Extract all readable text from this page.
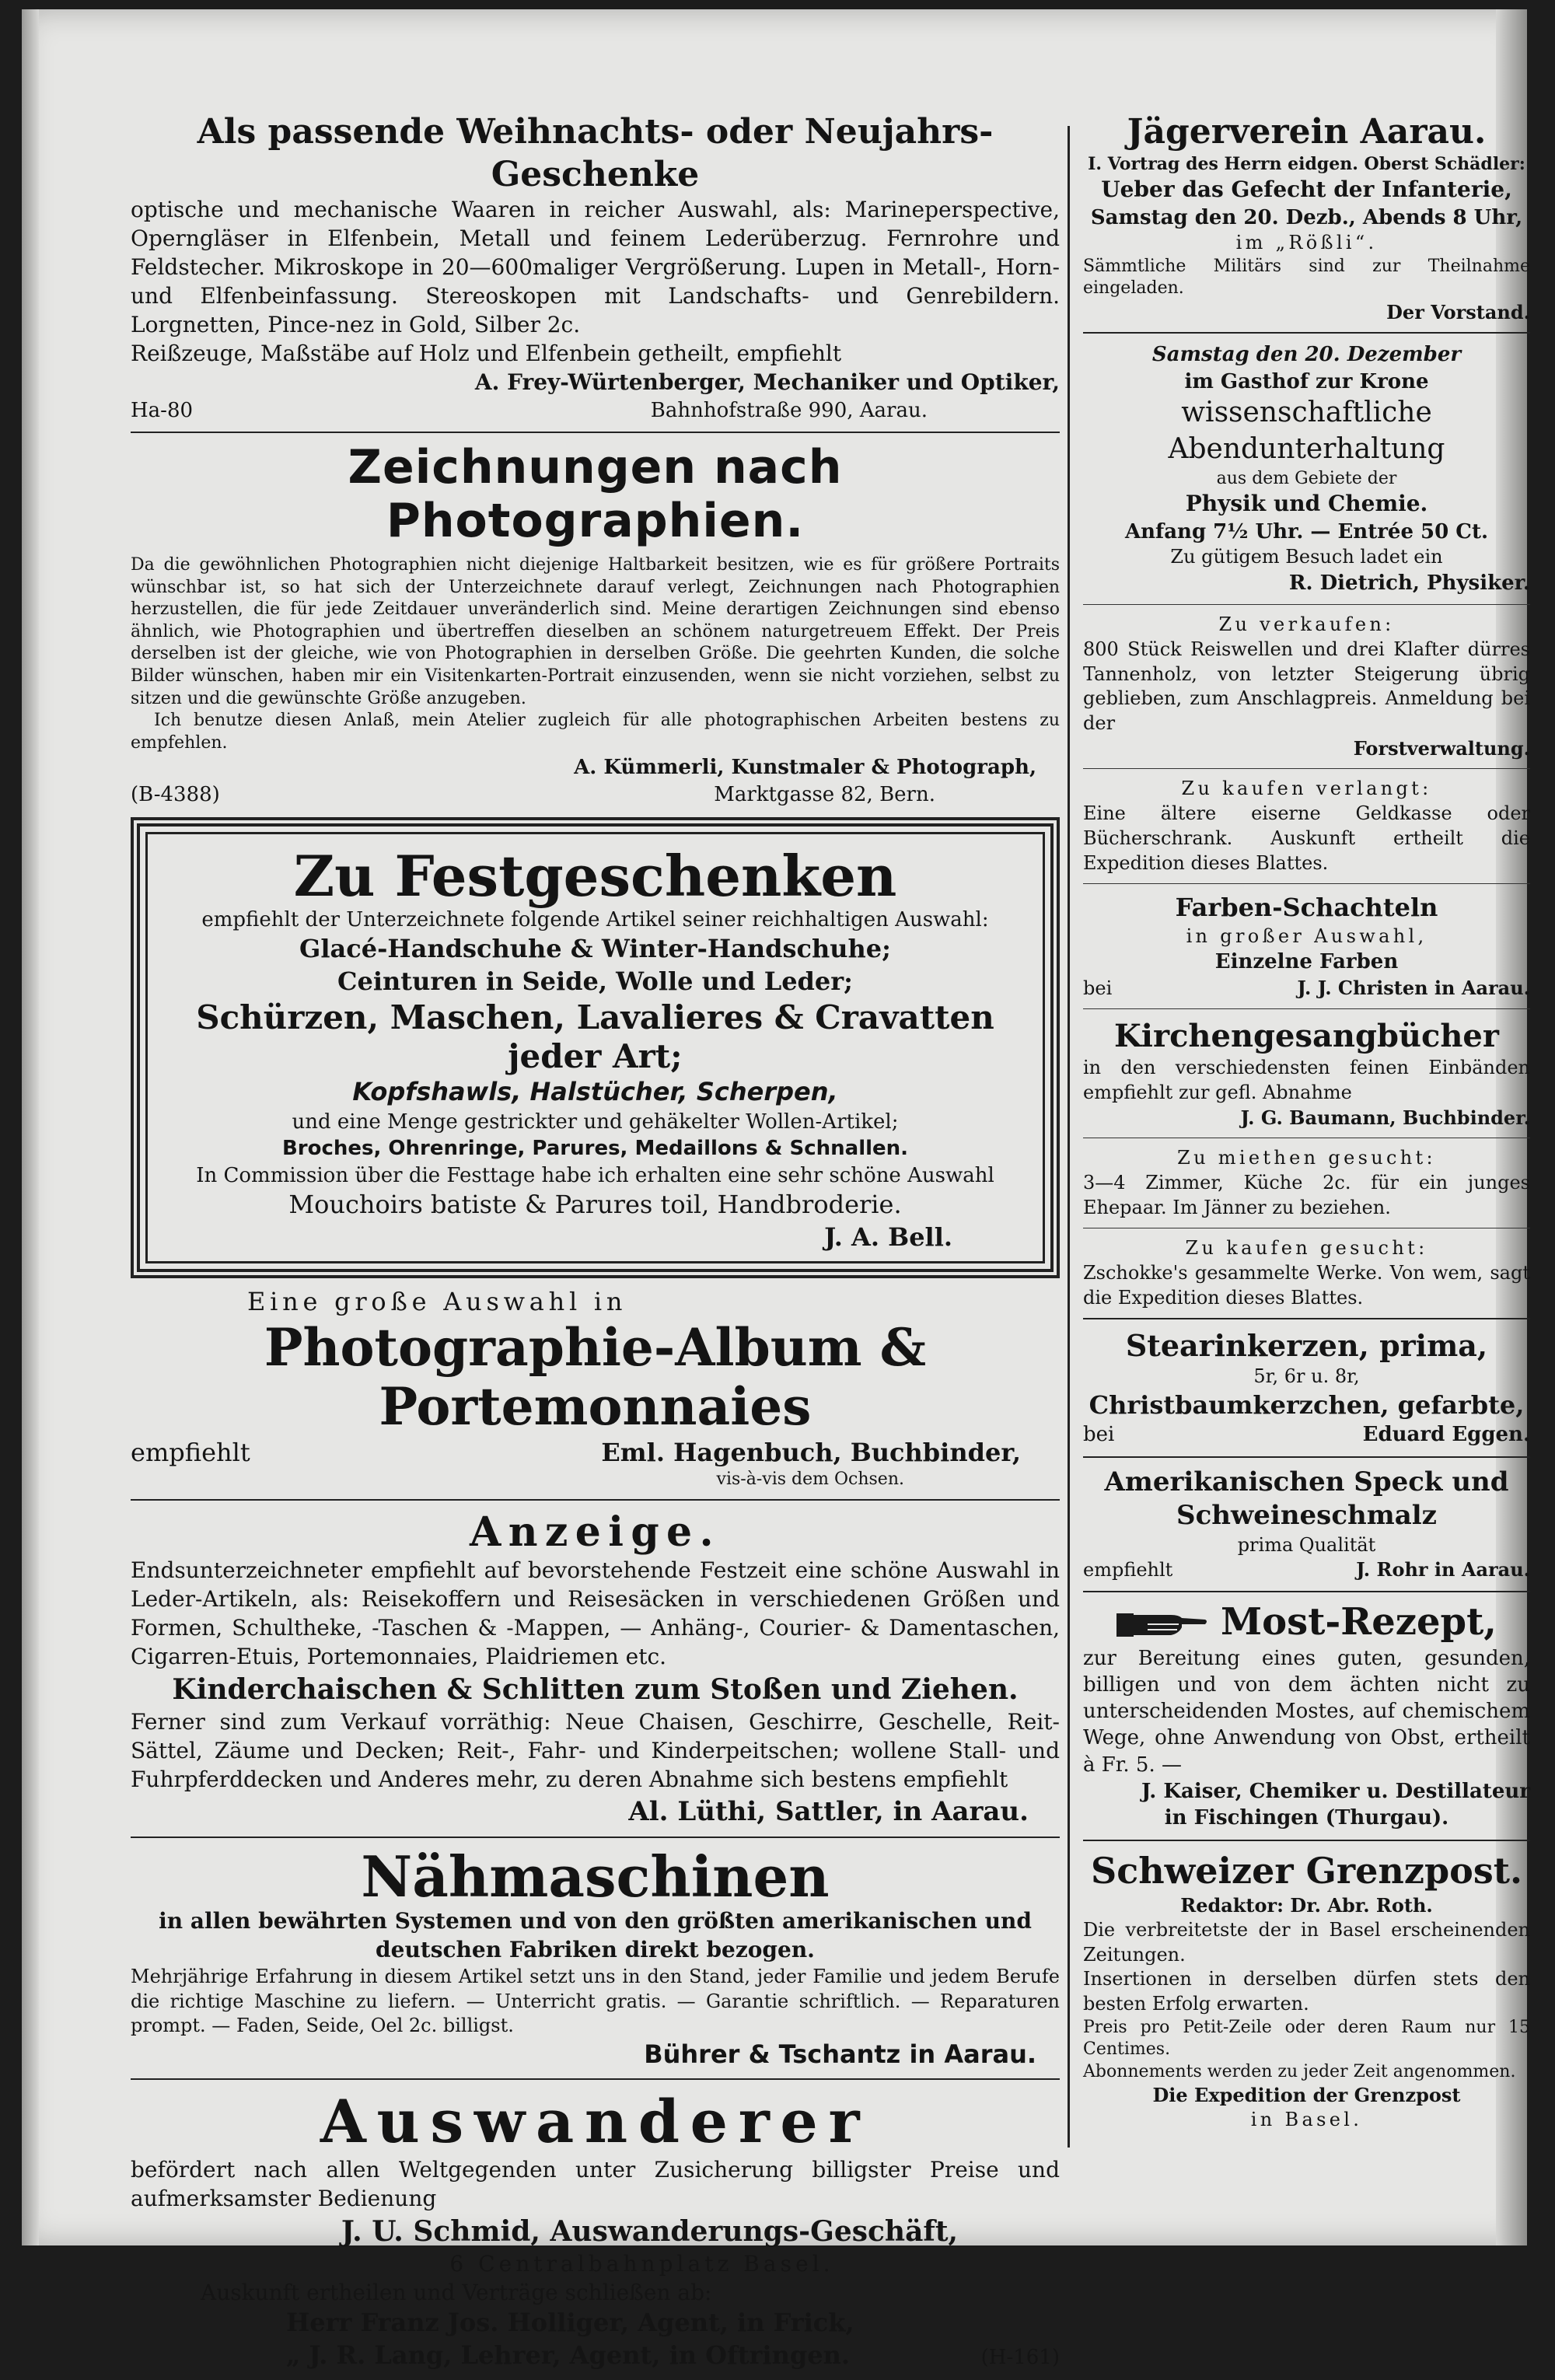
Als passende Weihnachts- oder Neujahrs-Geschenke

optische und mechanische Waaren in reicher Auswahl, als: Marineperspective, Operngläser in Elfenbein, Metall und feinem Lederüberzug. Fernrohre und Feldstecher. Mikroskope in 20—600maliger Vergrößerung. Lupen in Metall-, Horn- und Elfenbeinfassung. Stereoskopen mit Landschafts- und Genrebildern. Lorgnetten, Pince-nez in Gold, Silber 2c.

Reißzeuge, Maßstäbe auf Holz und Elfenbein getheilt, empfiehlt

A. Frey-Würtenberger, Mechaniker und Optiker,

Ha-80	Bahnhofstraße 990, Aarau.

Zeichnungen nach Photographien.

Da die gewöhnlichen Photographien nicht diejenige Haltbarkeit besitzen, wie es für größere Portraits wünschbar ist, so hat sich der Unterzeichnete darauf verlegt, Zeichnungen nach Photographien herzustellen, die für jede Zeitdauer unveränderlich sind. Meine derartigen Zeichnungen sind ebenso ähnlich, wie Photographien und übertreffen dieselben an schönem naturgetreuem Effekt. Der Preis derselben ist der gleiche, wie von Photographien in derselben Größe. Die geehrten Kunden, die solche Bilder wünschen, haben mir ein Visitenkarten-Portrait einzusenden, wenn sie nicht vorziehen, selbst zu sitzen und die gewünschte Größe anzugeben.

Ich benutze diesen Anlaß, mein Atelier zugleich für alle photographischen Arbeiten bestens zu empfehlen.

A. Kümmerli, Kunstmaler & Photograph,

(B-4388)	Marktgasse 82, Bern.

Zu Festgeschenken

empfiehlt der Unterzeichnete folgende Artikel seiner reichhaltigen Auswahl:

Glacé-Handschuhe & Winter-Handschuhe;

Ceinturen in Seide, Wolle und Leder;

Schürzen, Maschen, Lavalieres & Cravatten jeder Art;

Kopfshawls, Halstücher, Scherpen,

und eine Menge gestrickter und gehäkelter Wollen-Artikel;

Broches, Ohrenringe, Parures, Medaillons & Schnallen.

In Commission über die Festtage habe ich erhalten eine sehr schöne Auswahl

Mouchoirs batiste & Parures toil, Handbroderie.

J. A. Bell.

Eine große Auswahl in

Photographie-Album & Portemonnaies

empfiehlt	Eml. Hagenbuch, Buchbinder,

vis-à-vis dem Ochsen.

Anzeige.

Endsunterzeichneter empfiehlt auf bevorstehende Festzeit eine schöne Auswahl in Leder-Artikeln, als: Reisekoffern und Reisesäcken in verschiedenen Größen und Formen, Schultheke, -Taschen & -Mappen, — Anhäng-, Courier- & Damentaschen, Cigarren-Etuis, Portemonnaies, Plaidriemen etc.

Kinderchaischen & Schlitten zum Stoßen und Ziehen.

Ferner sind zum Verkauf vorräthig: Neue Chaisen, Geschirre, Geschelle, Reit-Sättel, Zäume und Decken; Reit-, Fahr- und Kinderpeitschen; wollene Stall- und Fuhrpferddecken und Anderes mehr, zu deren Abnahme sich bestens empfiehlt

Al. Lüthi, Sattler, in Aarau.

Nähmaschinen

in allen bewährten Systemen und von den größten amerikanischen und deutschen Fabriken direkt bezogen.

Mehrjährige Erfahrung in diesem Artikel setzt uns in den Stand, jeder Familie und jedem Berufe die richtige Maschine zu liefern. — Unterricht gratis. — Garantie schriftlich. — Reparaturen prompt. — Faden, Seide, Oel 2c. billigst.

Bührer & Tschantz in Aarau.

Auswanderer

befördert nach allen Weltgegenden unter Zusicherung billigster Preise und aufmerksamster Bedienung

J. U. Schmid, Auswanderungs-Geschäft,

6 Centralbahnplatz Basel.

Auskunft ertheilen und Verträge schließen ab:

Herr Franz Jos. Holliger, Agent, in Frick,

„ J. R. Lang, Lehrer, Agent, in Oftringen.	(H-161)

Jägerverein Aarau.

I. Vortrag des Herrn eidgen. Oberst Schädler:

Ueber das Gefecht der Infanterie,

Samstag den 20. Dezb., Abends 8 Uhr,

im „Rößli“.

Sämmtliche Militärs sind zur Theilnahme eingeladen.

Der Vorstand.

Samstag den 20. Dezember

im Gasthof zur Krone

wissenschaftliche Abendunterhaltung

aus dem Gebiete der

Physik und Chemie.

Anfang 7½ Uhr. — Entrée 50 Ct.

Zu gütigem Besuch ladet ein

R. Dietrich, Physiker.

Zu verkaufen:

800 Stück Reiswellen und drei Klafter dürres Tannenholz, von letzter Steigerung übrig geblieben, zum Anschlagpreis. Anmeldung bei der

Forstverwaltung.

Zu kaufen verlangt:

Eine ältere eiserne Geldkasse oder Bücherschrank. Auskunft ertheilt die Expedition dieses Blattes.

Farben-Schachteln

in großer Auswahl,

Einzelne Farben

bei	J. J. Christen in Aarau.

Kirchengesangbücher

in den verschiedensten feinen Einbänden empfiehlt zur gefl. Abnahme

J. G. Baumann, Buchbinder.

Zu miethen gesucht:

3—4 Zimmer, Küche 2c. für ein junges Ehepaar. Im Jänner zu beziehen.

Zu kaufen gesucht:

Zschokke's gesammelte Werke. Von wem, sagt die Expedition dieses Blattes.

Stearinkerzen, prima,

5r, 6r u. 8r,

Christbaumkerzchen, gefarbte,

bei	Eduard Eggen.

Amerikanischen Speck und Schweineschmalz

prima Qualität

empfiehlt	J. Rohr in Aarau.

Most-Rezept,

zur Bereitung eines guten, gesunden, billigen und von dem ächten nicht zu unterscheidenden Mostes, auf chemischem Wege, ohne Anwendung von Obst, ertheilt à Fr. 5. —

J. Kaiser, Chemiker u. Destillateur

in Fischingen (Thurgau).

Schweizer Grenzpost.

Redaktor: Dr. Abr. Roth.

Die verbreitetste der in Basel erscheinenden Zeitungen.

Insertionen in derselben dürfen stets den besten Erfolg erwarten.

Preis pro Petit-Zeile oder deren Raum nur 15 Centimes.

Abonnements werden zu jeder Zeit angenommen.

Die Expedition der Grenzpost

in Basel.
